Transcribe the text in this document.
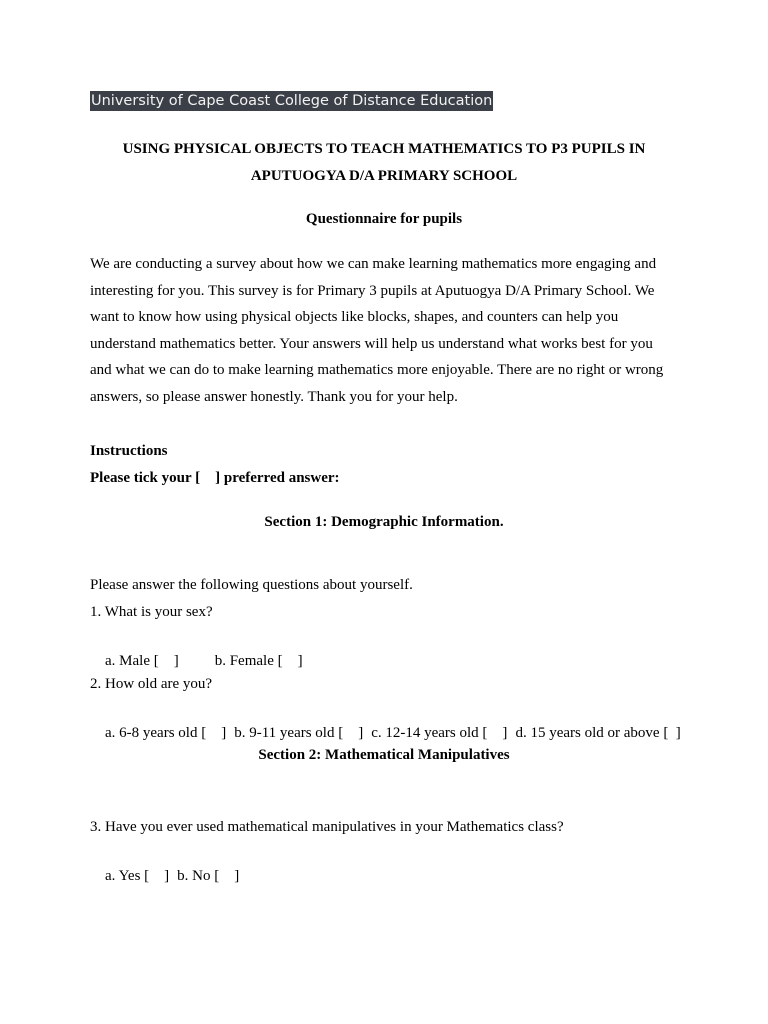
University of Cape Coast College of Distance Education
USING PHYSICAL OBJECTS TO TEACH MATHEMATICS TO P3 PUPILS IN APUTUOGYA D/A PRIMARY SCHOOL
Questionnaire for pupils

We are conducting a survey about how we can make learning mathematics more engaging and interesting for you. This survey is for Primary 3 pupils at Aputuogya D/A Primary School. We want to know how using physical objects like blocks, shapes, and counters can help you understand mathematics better. Your answers will help us understand what works best for you and what we can do to make learning mathematics more enjoyable. There are no right or wrong answers, so please answer honestly. Thank you for your help.

Instructions
Please tick your [    ] preferred answer:
Section 1: Demographic Information.
Please answer the following questions about yourself.
1. What is your sex?

a. Male [    ] b. Female [    ]

2. How old are you?

a. 6-8 years old [    ] b. 9-11 years old [    ] c. 12-14 years old [    ] d. 15 years old or above [  ]

Section 2: Mathematical Manipulatives
3. Have you ever used mathematical manipulatives in your Mathematics class?

a. Yes [    ] b. No [    ]
